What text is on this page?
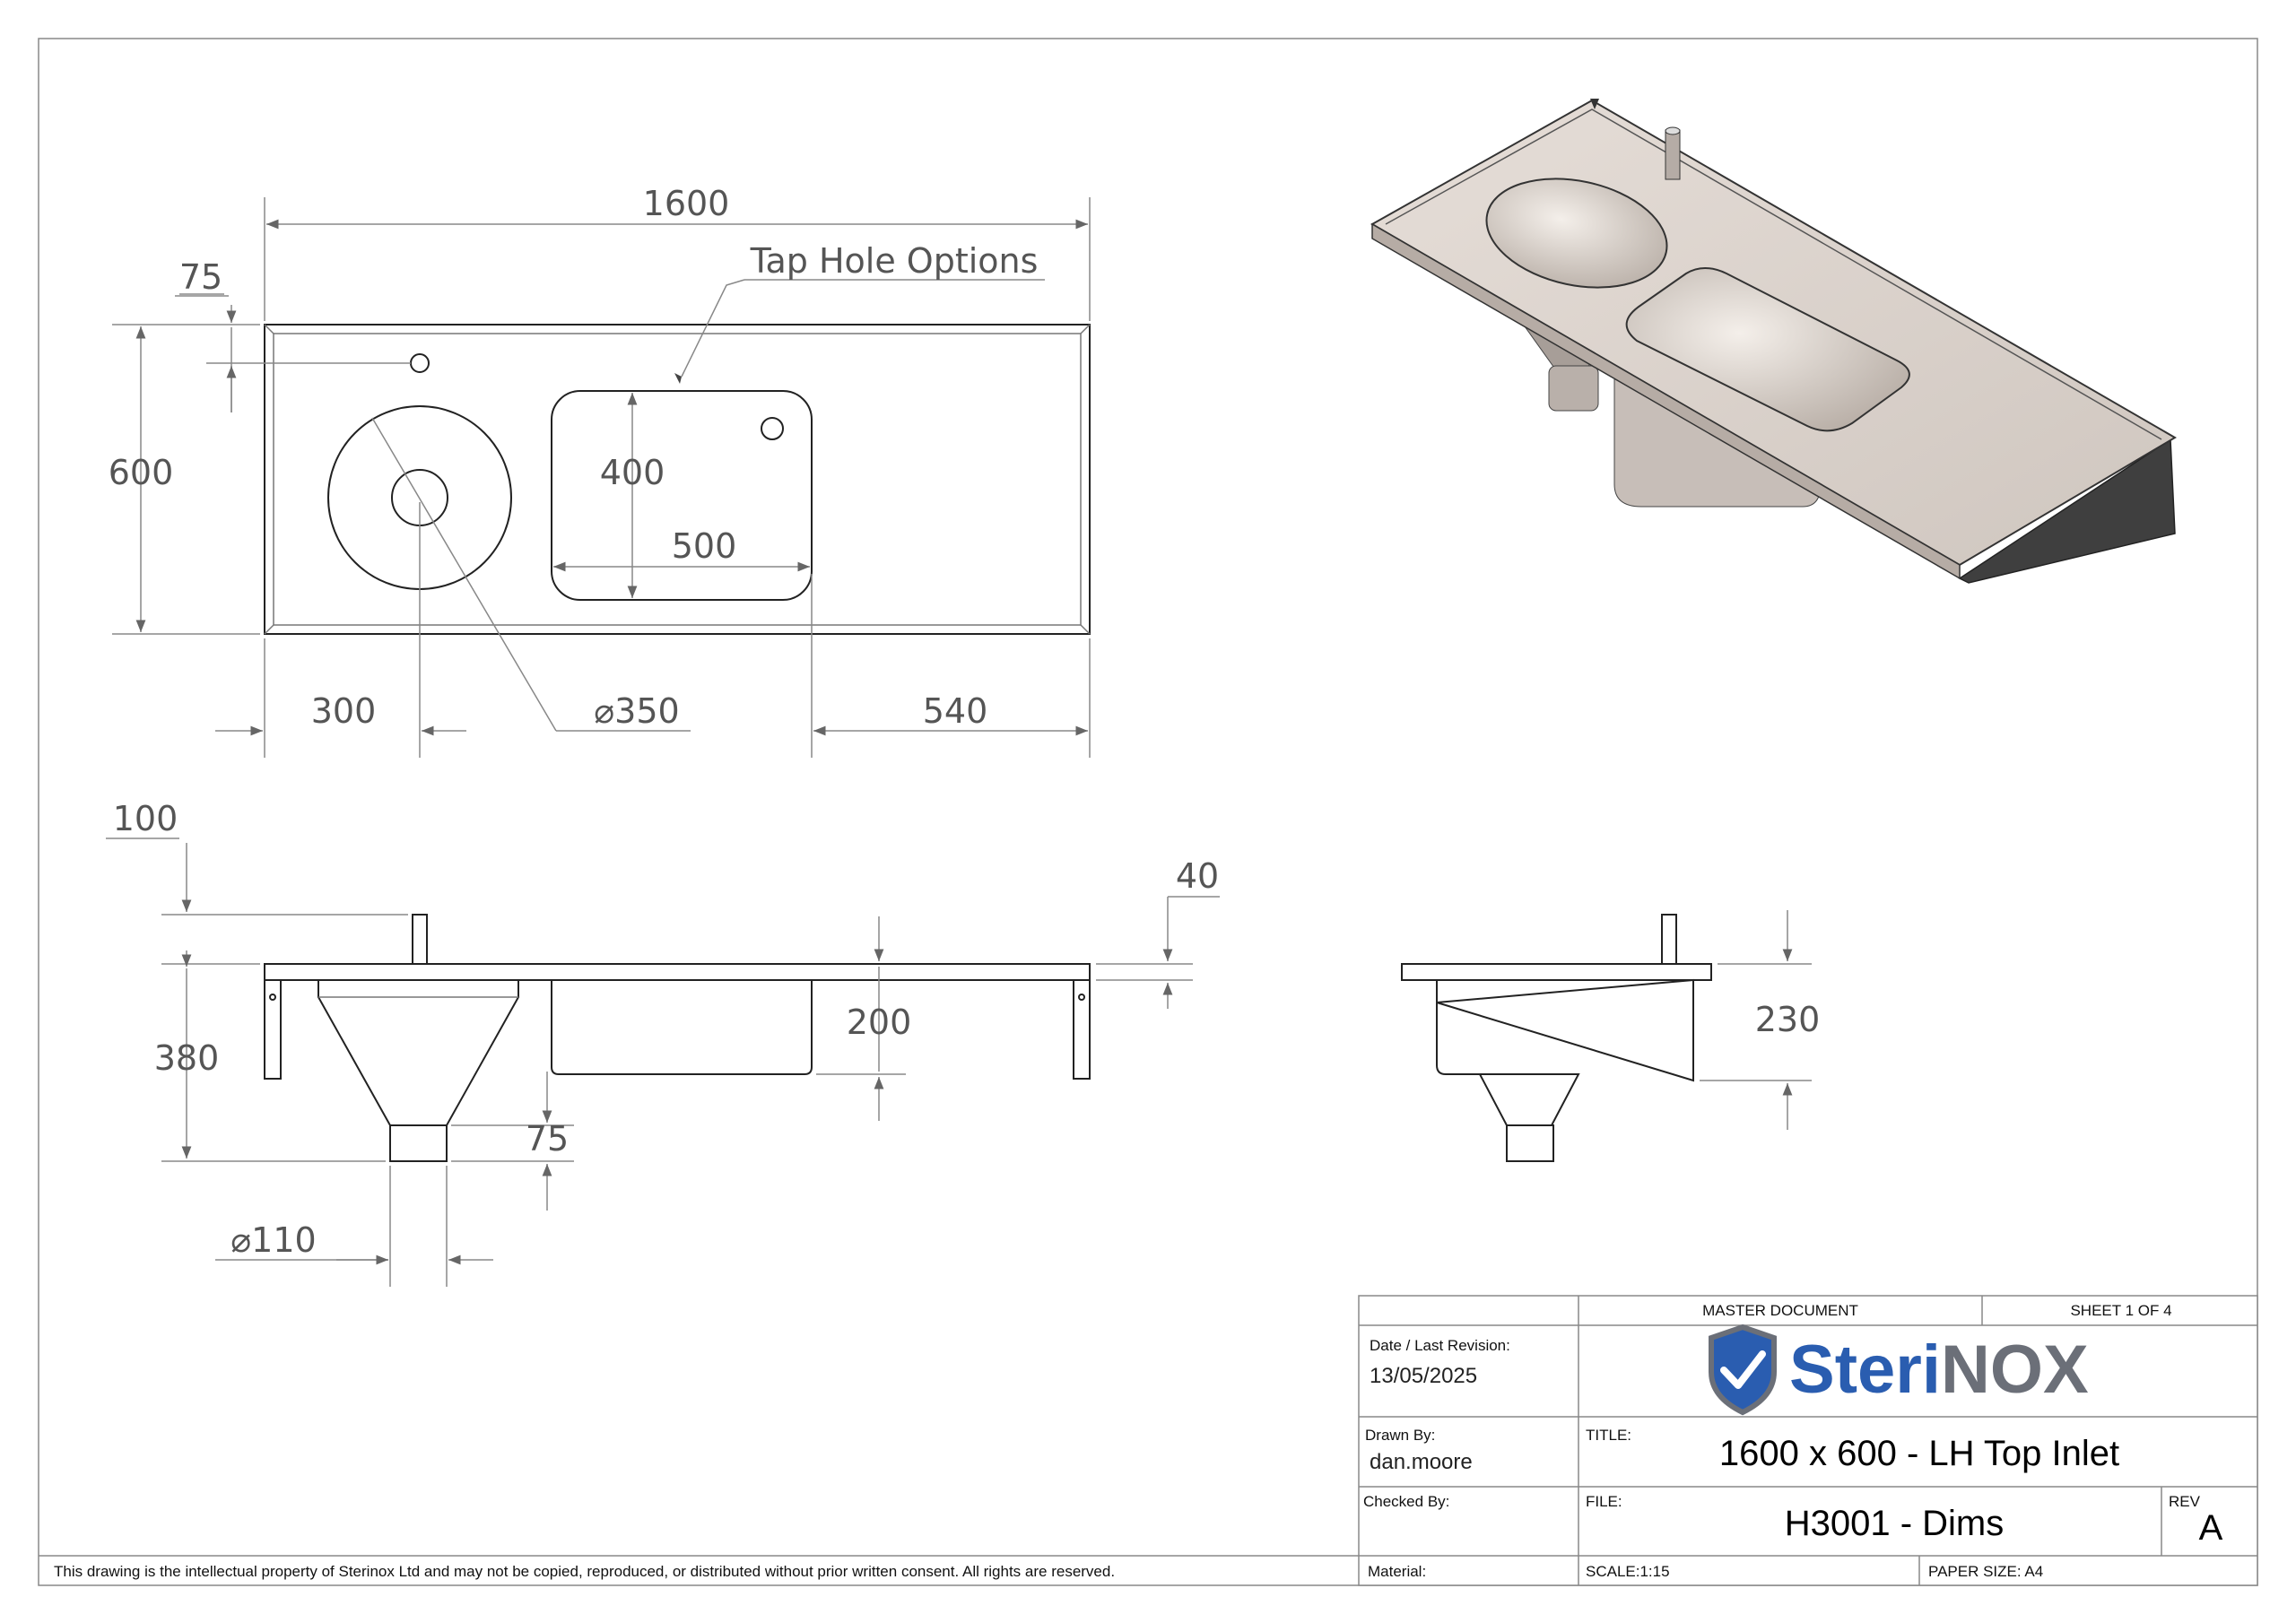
Tap Hole Options
1600
75
600	400
500
300	⌀350	540
100
380
75
⌀110
200
40
230
MASTER DOCUMENT	SHEET 1 OF 4
Date / Last Revision:
13/05/2025	SteriNOX
Drawn By:
dan.moore
TITLE: 1600 x 600 - LH Top Inlet
Checked By:	FILE:
H3001 - Dims
REV
A
Material:	SCALE:1:15	PAPER SIZE: A4
This drawing is the intellectual property of Sterinox Ltd and may not be copied, reproduced, or distributed without prior written consent. All rights are reserved.
